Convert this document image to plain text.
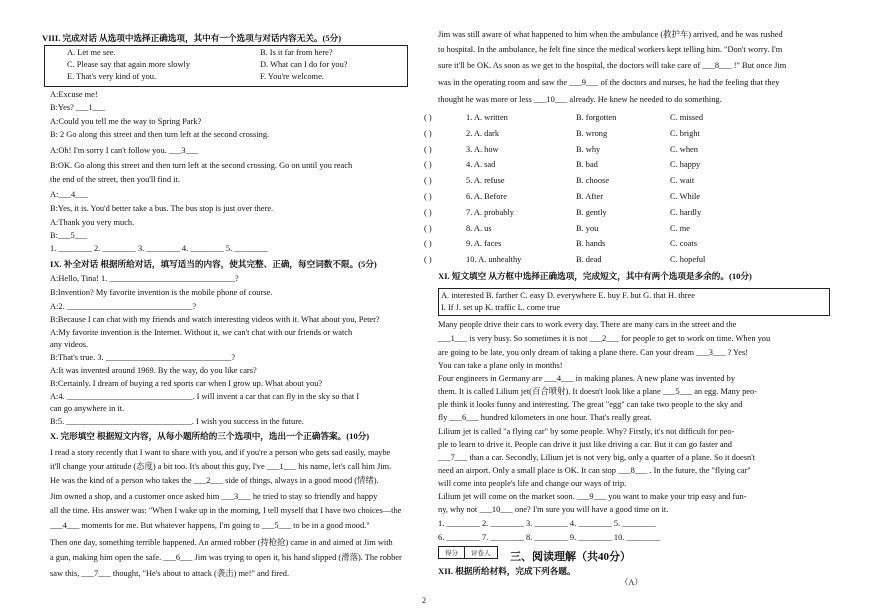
VIII. 完成对话 从选项中选择正确选项，其中有一个选项与对话内容无关。(5分)
A. Let me see.	B. Is it far from here?
C. Please say that again more slowly	D. What can I do for you?
E. That's very kind of you.	F. You're welcome.
A:Excuse me!
B:Yes? ___1___
A:Could you tell me the way to Spring Park?
B: 2 Go along this street and then turn left at the second crossing.
A:Oh! I'm sorry I can't follow you. ___3___
B:OK. Go along this street and then turn left at the second crossing. Go on until you reach
the end of the street, then you'll find it.
A:___4___
B:Yes, it is. You'd better take a bus. The bus stop is just over there.
A:Thank you very much.
B:___5___
1. ________ 2. ________ 3. ________ 4. ________ 5. ________
IX. 补全对话 根据所给对话，填写适当的内容，使其完整、正确，每空词数不限。(5分)
A:Hello, Tina! 1. ______________________________?
B:Invention? My favorite invention is the mobile phone of course.
A:2. ______________________________?
B:Because I can chat with my friends and watch interesting videos with it. What about you, Peter?
A:My favorite invention is the Internet. Without it, we can't chat with our friends or watch
any videos.
B:That's true. 3. ______________________________?
A:It was invented around 1969. By the way, do you like cars?
B:Certainly. I dream of buying a red sports car when I grow up. What about you?
A:4. ______________________________. I will invent a car that can fly in the sky so that I
can go anywhere in it.
B:5. ______________________________. I wish you success in the future.
X. 完形填空 根据短文内容，从每小题所给的三个选项中，选出一个正确答案。(10分)
I read a story recently that I want to share with you, and if you're a person who gets sad easily, maybe
it'll change your attitude (态度) a bit too. It's about this guy, I've ___1___ his name, let's call him Jim.
He was the kind of a person who takes the ___2___ side of things, always in a good mood (情绪).
Jim owned a shop, and a customer once asked him ___3___ he tried to stay so friendly and happy
all the time. His answer was: "When I wake up in the morning, I tell myself that I have two choices—the
___4___ moments for me. But whatever happens, I'm going to ___5___ to be in a good mood."
Then one day, something terrible happened. An armed robber (持枪抢) came in and aimed at Jim with
a gun, making him open the safe. ___6___ Jim was trying to open it, his hand slipped (滑落). The robber
saw this, ___7___ thought, "He's about to attack (袭击) me!" and fired.
Jim was still aware of what happened to him when the ambulance (救护车) arrived, and he was rushed
to hospital. In the ambulance, he felt fine since the medical workers kept telling him. "Don't worry. I'm
sure it'll be OK. As soon as we get to the hospital, the doctors will take care of ___8___ !" But once Jim
was in the operating room and saw the ___9___ of the doctors and nurses, he had the feeling that they
thought he was more or less ___10___ already. He knew he needed to do something.
( )	1. A. written	B. forgotten	C. missed
( )	2. A. dark	B. wrong	C. bright
( )	3. A. how	B. why	C. when
( )	4. A. sad	B. bad	C. happy
( )	5. A. refuse	B. choose	C. wait
( )	6. A. Before	B. After	C. While
( )	7. A. probably	B. gently	C. hardly
( )	8. A. us	B. you	C. me
( )	9. A. faces	B. hands	C. coats
( )	10. A. unhealthy	B. dead	C. hopeful
XI. 短文填空 从方框中选择正确选项，完成短文，其中有两个选项是多余的。(10分)
A. interested B. farther C. easy D. everywhere E. buy F. but G. that H. three
I. If J. set up K. traffic L. come true
Many people drive their cars to work every day. There are many cars in the street and the
___1___ is very busy. So sometimes it is not ___2___ for people to get to work on time. When you
are going to be late, you only dream of taking a plane there. Can your dream ___3___ ? Yes!
You can take a plane only in months!
Four engineers in Germany are ___4___ in making planes. A new plane was invented by
them. It is called Lilium jet(百合喷射). It doesn't look like a plane ___5___ an egg. Many peo-
ple think it looks funny and interesting. The great "egg" can take two people to the sky and
fly ___6___ hundred kilometers in one hour. That's really great.
Lilium jet is called "a flying car" by some people. Why? Firstly, it's not difficult for peo-
ple to learn to drive it. People can drive it just like driving a car. But it can go faster and
___7___ than a car. Secondly, Lilium jet is not very big, only a quarter of a plane. So it doesn't
need an airport. Only a small place is OK. It can stop ___8___ . In the future, the "flying car"
will come into people's life and change our ways of trip.
Lilium jet will come on the market soon. ___9___ you want to make your trip easy and fun-
ny, why not ___10___ one? I'm sure you will have a good time on it.
1. ________ 2. ________ 3. ________ 4. ________ 5. ________
6. ________ 7. ________ 8. ________ 9. ________ 10. ________
得分 评卷人	三、阅读理解（共40分）
XII. 根据所给材料，完成下列各题。
（A）
2
